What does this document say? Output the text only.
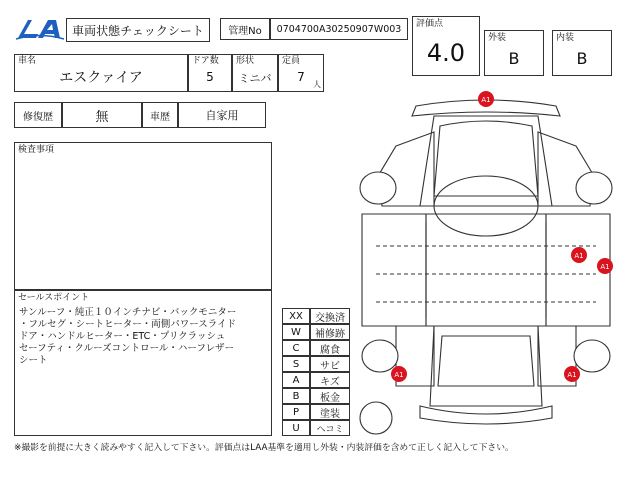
車両状態チェックシート 管理No 0704700A30250907W003 評価点
4.0
外装
B
内装
B
車名
エスクァイア
ドア数
5
形状
ミニバ
定員
7
人
修復歴	無	車歴	自家用
検査事項
セールスポイント
サンルーフ・純正１０インチナビ・バックモニター
・フルセグ・シートヒーター・両側パワースライド
ドア・ハンドルヒーター・ETC・プリクラッシュ
セーフティ・クルーズコントロール・ハーフレザー
シート
XX	交換済
W	補修跡
C	腐食
S	サビ
A	キズ
B	板金
P	塗装
U	ヘコミ
A1
A1
A1
A1	A1
※撮影を前提に大きく読みやすく記入して下さい。評価点はLAA基準を適用し外装・内装評価を含めて正しく記入して下さい。
